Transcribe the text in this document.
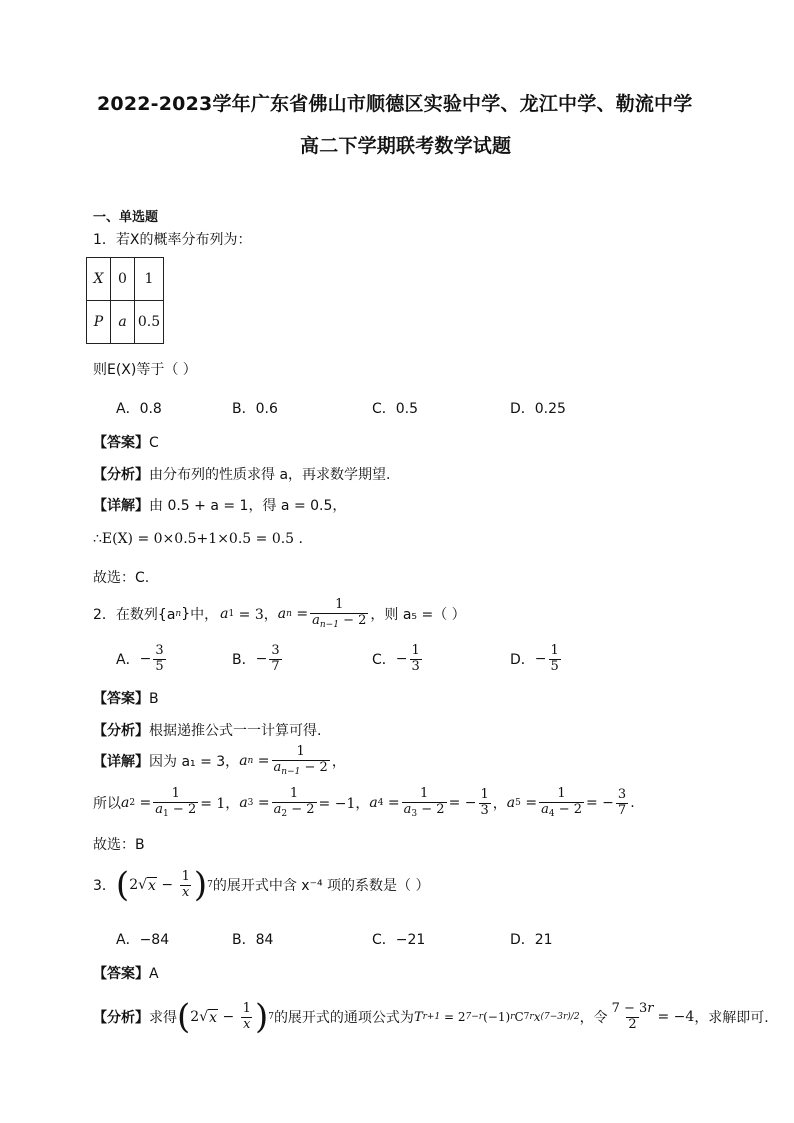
2022-2023学年广东省佛山市顺德区实验中学、龙江中学、勒流中学
高二下学期联考数学试题
一、单选题
1．若X的概率分布列为：
X	0	1
P	a	0.5
则E(X)等于（ ）
A．0.8	B．0.6	C．0.5	D．0.25
【答案】C
【分析】由分布列的性质求得 a，再求数学期望.
【详解】由 0.5 + a = 1，得 a = 0.5，
∴E(X) = 0×0.5+1×0.5 = 0.5 .
故选：C.
2．在数列{a n } 中， a 1 = 3， a $n = \frac{1}{a_{n-1} - 2}$ ，则 a₅ =（ ）
A． − $\frac{3}{5}$	B． − $\frac{3}{7}$	C． − $\frac{1}{3}$	D． − $\frac{1}{5}$
【答案】B
【分析】根据递推公式一一计算可得.
【详解】 因为 a₁ = 3， a $n = \frac{1}{a_{n-1} - 2}$ ，
所以 a $2 = \frac{1}{a_1 - 2} = 1$， a $3 = \frac{1}{a_2 - 2} = -1$， a $4 = \frac{1}{a_3 - 2}$ = − $\frac{1}{3}$ ， a $5 = \frac{1}{a_4 - 2}$ = − $\frac{3}{7}$ .
故选：B
3． ( 2 √ $x - \frac{1}{x}$ ) 7 的展开式中含 x⁻⁴ 项的系数是（ ）
A．−84	B．84	C．−21	D．21
【答案】A
【分析】 求得 ( 2 √ $x - \frac{1}{x}$ ) 7 的展开式的通项公式为 T r+1 = 2 7−r (−1) r C 7 r x (7−3r)/2 ，令 $\frac{7 - 3r}{2} = -4$ ，求解即可.
